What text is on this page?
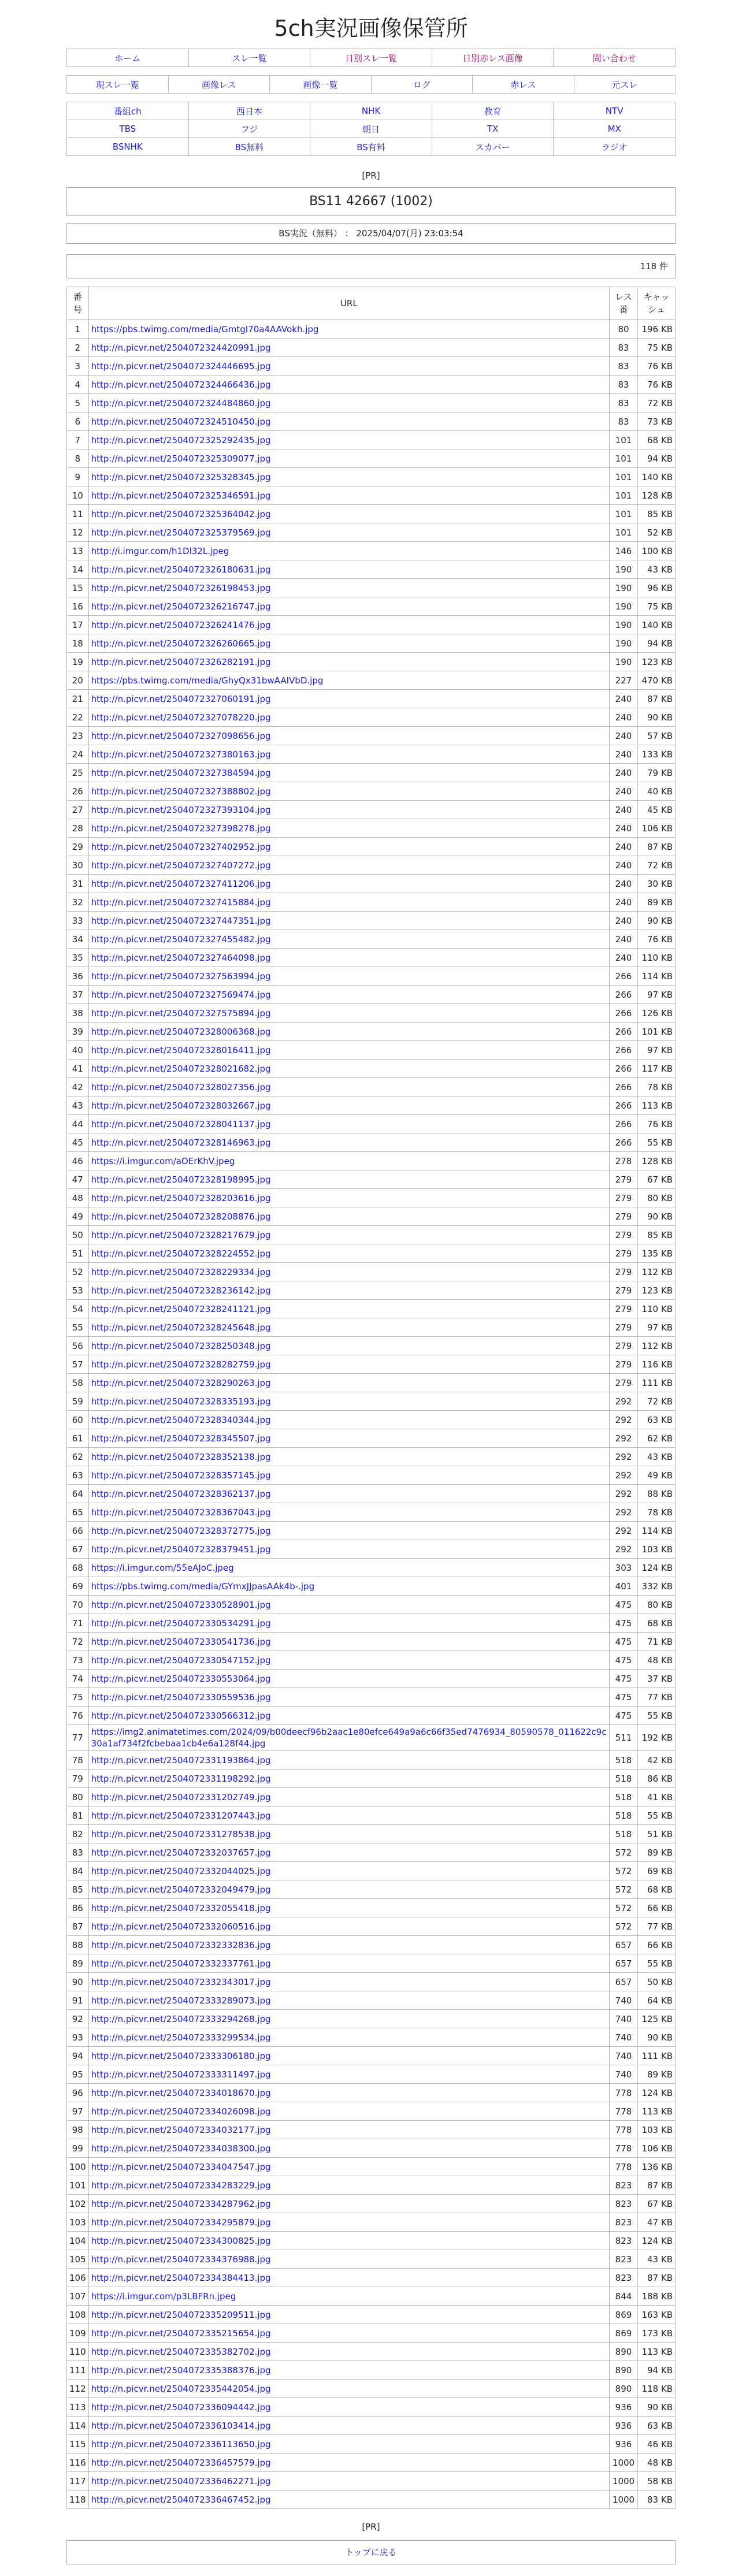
5ch実況画像保管所
ホーム	スレ一覧	日別スレ一覧	日別赤レス画像	問い合わせ
現スレ一覧	画像レス	画像一覧	ログ	赤レス	元スレ
番組ch	西日本	NHK	教育	NTV
TBS	フジ	朝日	TX	MX
BSNHK	BS無料	BS有料	スカパー	ラジオ
[PR]
BS11 42667 (1002)
BS実況（無料） ： 2025/04/07(月) 23:03:54
118 件
番号	URL	レス番	キャッシュ
1	https://pbs.twimg.com/media/GmtgI70a4AAVokh.jpg	80	196 KB
2	http://n.picvr.net/2504072324420991.jpg	83	75 KB
3	http://n.picvr.net/2504072324446695.jpg	83	76 KB
4	http://n.picvr.net/2504072324466436.jpg	83	76 KB
5	http://n.picvr.net/2504072324484860.jpg	83	72 KB
6	http://n.picvr.net/2504072324510450.jpg	83	73 KB
7	http://n.picvr.net/2504072325292435.jpg	101	68 KB
8	http://n.picvr.net/2504072325309077.jpg	101	94 KB
9	http://n.picvr.net/2504072325328345.jpg	101	140 KB
10	http://n.picvr.net/2504072325346591.jpg	101	128 KB
11	http://n.picvr.net/2504072325364042.jpg	101	85 KB
12	http://n.picvr.net/2504072325379569.jpg	101	52 KB
13	http://i.imgur.com/h1Dl32L.jpeg	146	100 KB
14	http://n.picvr.net/2504072326180631.jpg	190	43 KB
15	http://n.picvr.net/2504072326198453.jpg	190	96 KB
16	http://n.picvr.net/2504072326216747.jpg	190	75 KB
17	http://n.picvr.net/2504072326241476.jpg	190	140 KB
18	http://n.picvr.net/2504072326260665.jpg	190	94 KB
19	http://n.picvr.net/2504072326282191.jpg	190	123 KB
20	https://pbs.twimg.com/media/GhyQx31bwAAIVbD.jpg	227	470 KB
21	http://n.picvr.net/2504072327060191.jpg	240	87 KB
22	http://n.picvr.net/2504072327078220.jpg	240	90 KB
23	http://n.picvr.net/2504072327098656.jpg	240	57 KB
24	http://n.picvr.net/2504072327380163.jpg	240	133 KB
25	http://n.picvr.net/2504072327384594.jpg	240	79 KB
26	http://n.picvr.net/2504072327388802.jpg	240	40 KB
27	http://n.picvr.net/2504072327393104.jpg	240	45 KB
28	http://n.picvr.net/2504072327398278.jpg	240	106 KB
29	http://n.picvr.net/2504072327402952.jpg	240	87 KB
30	http://n.picvr.net/2504072327407272.jpg	240	72 KB
31	http://n.picvr.net/2504072327411206.jpg	240	30 KB
32	http://n.picvr.net/2504072327415884.jpg	240	89 KB
33	http://n.picvr.net/2504072327447351.jpg	240	90 KB
34	http://n.picvr.net/2504072327455482.jpg	240	76 KB
35	http://n.picvr.net/2504072327464098.jpg	240	110 KB
36	http://n.picvr.net/2504072327563994.jpg	266	114 KB
37	http://n.picvr.net/2504072327569474.jpg	266	97 KB
38	http://n.picvr.net/2504072327575894.jpg	266	126 KB
39	http://n.picvr.net/2504072328006368.jpg	266	101 KB
40	http://n.picvr.net/2504072328016411.jpg	266	97 KB
41	http://n.picvr.net/2504072328021682.jpg	266	117 KB
42	http://n.picvr.net/2504072328027356.jpg	266	78 KB
43	http://n.picvr.net/2504072328032667.jpg	266	113 KB
44	http://n.picvr.net/2504072328041137.jpg	266	76 KB
45	http://n.picvr.net/2504072328146963.jpg	266	55 KB
46	https://i.imgur.com/aOErKhV.jpeg	278	128 KB
47	http://n.picvr.net/2504072328198995.jpg	279	67 KB
48	http://n.picvr.net/2504072328203616.jpg	279	80 KB
49	http://n.picvr.net/2504072328208876.jpg	279	90 KB
50	http://n.picvr.net/2504072328217679.jpg	279	85 KB
51	http://n.picvr.net/2504072328224552.jpg	279	135 KB
52	http://n.picvr.net/2504072328229334.jpg	279	112 KB
53	http://n.picvr.net/2504072328236142.jpg	279	123 KB
54	http://n.picvr.net/2504072328241121.jpg	279	110 KB
55	http://n.picvr.net/2504072328245648.jpg	279	97 KB
56	http://n.picvr.net/2504072328250348.jpg	279	112 KB
57	http://n.picvr.net/2504072328282759.jpg	279	116 KB
58	http://n.picvr.net/2504072328290263.jpg	279	111 KB
59	http://n.picvr.net/2504072328335193.jpg	292	72 KB
60	http://n.picvr.net/2504072328340344.jpg	292	63 KB
61	http://n.picvr.net/2504072328345507.jpg	292	62 KB
62	http://n.picvr.net/2504072328352138.jpg	292	43 KB
63	http://n.picvr.net/2504072328357145.jpg	292	49 KB
64	http://n.picvr.net/2504072328362137.jpg	292	88 KB
65	http://n.picvr.net/2504072328367043.jpg	292	78 KB
66	http://n.picvr.net/2504072328372775.jpg	292	114 KB
67	http://n.picvr.net/2504072328379451.jpg	292	103 KB
68	https://i.imgur.com/55eAJoC.jpeg	303	124 KB
69	https://pbs.twimg.com/media/GYmxJJpasAAk4b-.jpg	401	332 KB
70	http://n.picvr.net/2504072330528901.jpg	475	80 KB
71	http://n.picvr.net/2504072330534291.jpg	475	68 KB
72	http://n.picvr.net/2504072330541736.jpg	475	71 KB
73	http://n.picvr.net/2504072330547152.jpg	475	48 KB
74	http://n.picvr.net/2504072330553064.jpg	475	37 KB
75	http://n.picvr.net/2504072330559536.jpg	475	77 KB
76	http://n.picvr.net/2504072330566312.jpg	475	55 KB
77	https://img2.animatetimes.com/2024/09/b00deecf96b2aac1e80efce649a9a6c66f35ed7476934_80590578_011622c9c30a1af734f2fcbebaa1cb4e6a128f44.jpg	511	192 KB
78	http://n.picvr.net/2504072331193864.jpg	518	42 KB
79	http://n.picvr.net/2504072331198292.jpg	518	86 KB
80	http://n.picvr.net/2504072331202749.jpg	518	41 KB
81	http://n.picvr.net/2504072331207443.jpg	518	55 KB
82	http://n.picvr.net/2504072331278538.jpg	518	51 KB
83	http://n.picvr.net/2504072332037657.jpg	572	89 KB
84	http://n.picvr.net/2504072332044025.jpg	572	69 KB
85	http://n.picvr.net/2504072332049479.jpg	572	68 KB
86	http://n.picvr.net/2504072332055418.jpg	572	66 KB
87	http://n.picvr.net/2504072332060516.jpg	572	77 KB
88	http://n.picvr.net/2504072332332836.jpg	657	66 KB
89	http://n.picvr.net/2504072332337761.jpg	657	55 KB
90	http://n.picvr.net/2504072332343017.jpg	657	50 KB
91	http://n.picvr.net/2504072333289073.jpg	740	64 KB
92	http://n.picvr.net/2504072333294268.jpg	740	125 KB
93	http://n.picvr.net/2504072333299534.jpg	740	90 KB
94	http://n.picvr.net/2504072333306180.jpg	740	111 KB
95	http://n.picvr.net/2504072333311497.jpg	740	89 KB
96	http://n.picvr.net/2504072334018670.jpg	778	124 KB
97	http://n.picvr.net/2504072334026098.jpg	778	113 KB
98	http://n.picvr.net/2504072334032177.jpg	778	103 KB
99	http://n.picvr.net/2504072334038300.jpg	778	106 KB
100	http://n.picvr.net/2504072334047547.jpg	778	136 KB
101	http://n.picvr.net/2504072334283229.jpg	823	87 KB
102	http://n.picvr.net/2504072334287962.jpg	823	67 KB
103	http://n.picvr.net/2504072334295879.jpg	823	47 KB
104	http://n.picvr.net/2504072334300825.jpg	823	124 KB
105	http://n.picvr.net/2504072334376988.jpg	823	43 KB
106	http://n.picvr.net/2504072334384413.jpg	823	87 KB
107	https://i.imgur.com/p3LBFRn.jpeg	844	188 KB
108	http://n.picvr.net/2504072335209511.jpg	869	163 KB
109	http://n.picvr.net/2504072335215654.jpg	869	173 KB
110	http://n.picvr.net/2504072335382702.jpg	890	113 KB
111	http://n.picvr.net/2504072335388376.jpg	890	94 KB
112	http://n.picvr.net/2504072335442054.jpg	890	118 KB
113	http://n.picvr.net/2504072336094442.jpg	936	90 KB
114	http://n.picvr.net/2504072336103414.jpg	936	63 KB
115	http://n.picvr.net/2504072336113650.jpg	936	46 KB
116	http://n.picvr.net/2504072336457579.jpg	1000	48 KB
117	http://n.picvr.net/2504072336462271.jpg	1000	58 KB
118	http://n.picvr.net/2504072336467452.jpg	1000	83 KB
[PR]
トップに戻る
